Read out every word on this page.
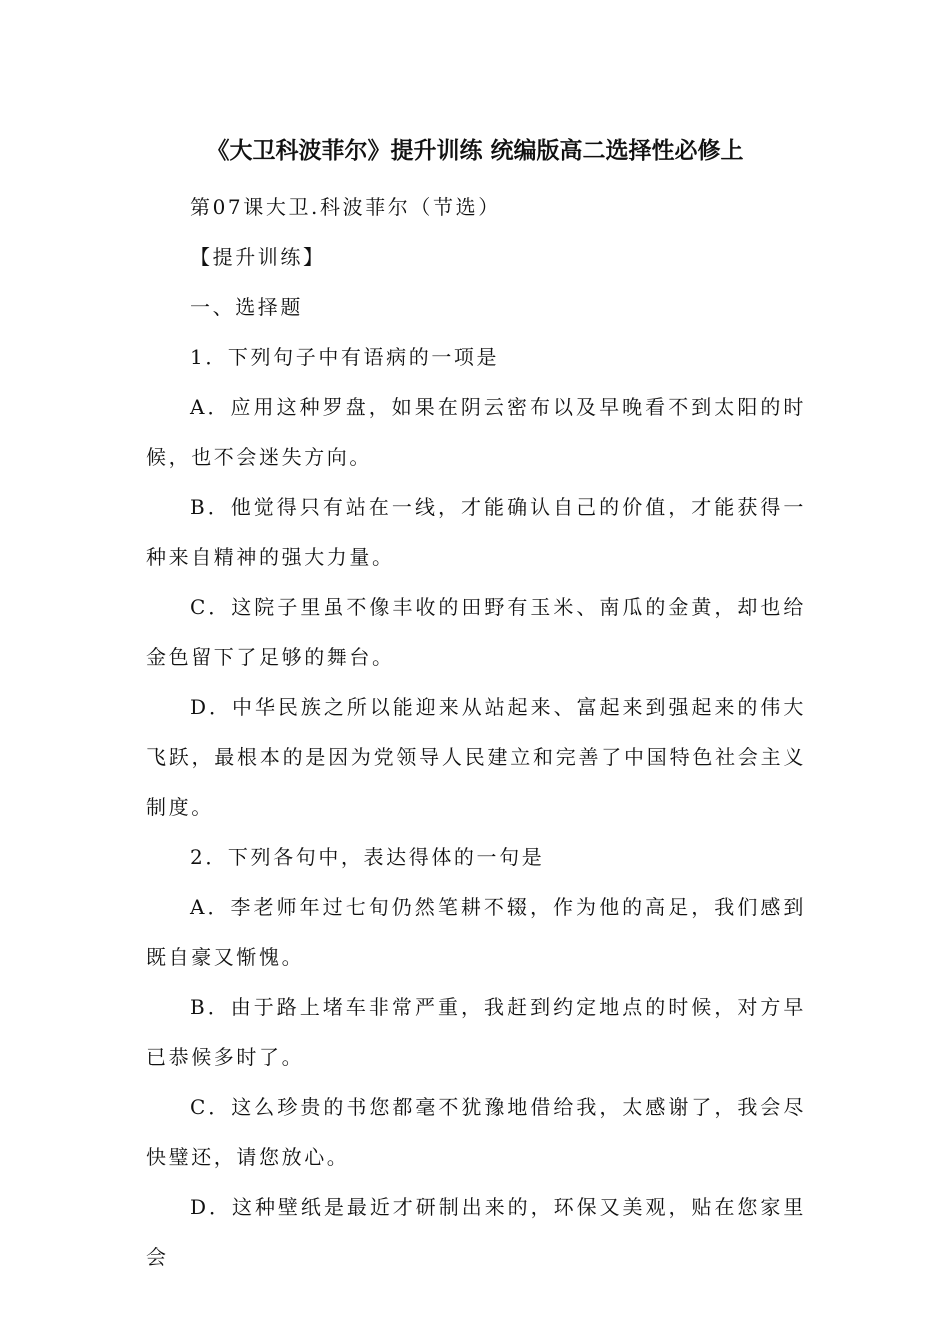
《大卫科波菲尔》提升训练 统编版高二选择性必修上

第07课大卫.科波菲尔（节选）

【提升训练】

一、选择题

1．下列句子中有语病的一项是

A．应用这种罗盘，如果在阴云密布以及早晚看不到太阳的时候，也不会迷失方向。

B．他觉得只有站在一线，才能确认自己的价值，才能获得一种来自精神的强大力量。

C．这院子里虽不像丰收的田野有玉米、南瓜的金黄，却也给金色留下了足够的舞台。

D．中华民族之所以能迎来从站起来、富起来到强起来的伟大飞跃，最根本的是因为党领导人民建立和完善了中国特色社会主义制度。

2．下列各句中，表达得体的一句是

A．李老师年过七旬仍然笔耕不辍，作为他的高足，我们感到既自豪又惭愧。

B．由于路上堵车非常严重，我赶到约定地点的时候，对方早已恭候多时了。

C．这么珍贵的书您都毫不犹豫地借给我，太感谢了，我会尽快璧还，请您放心。

D．这种壁纸是最近才研制出来的，环保又美观，贴在您家里会
